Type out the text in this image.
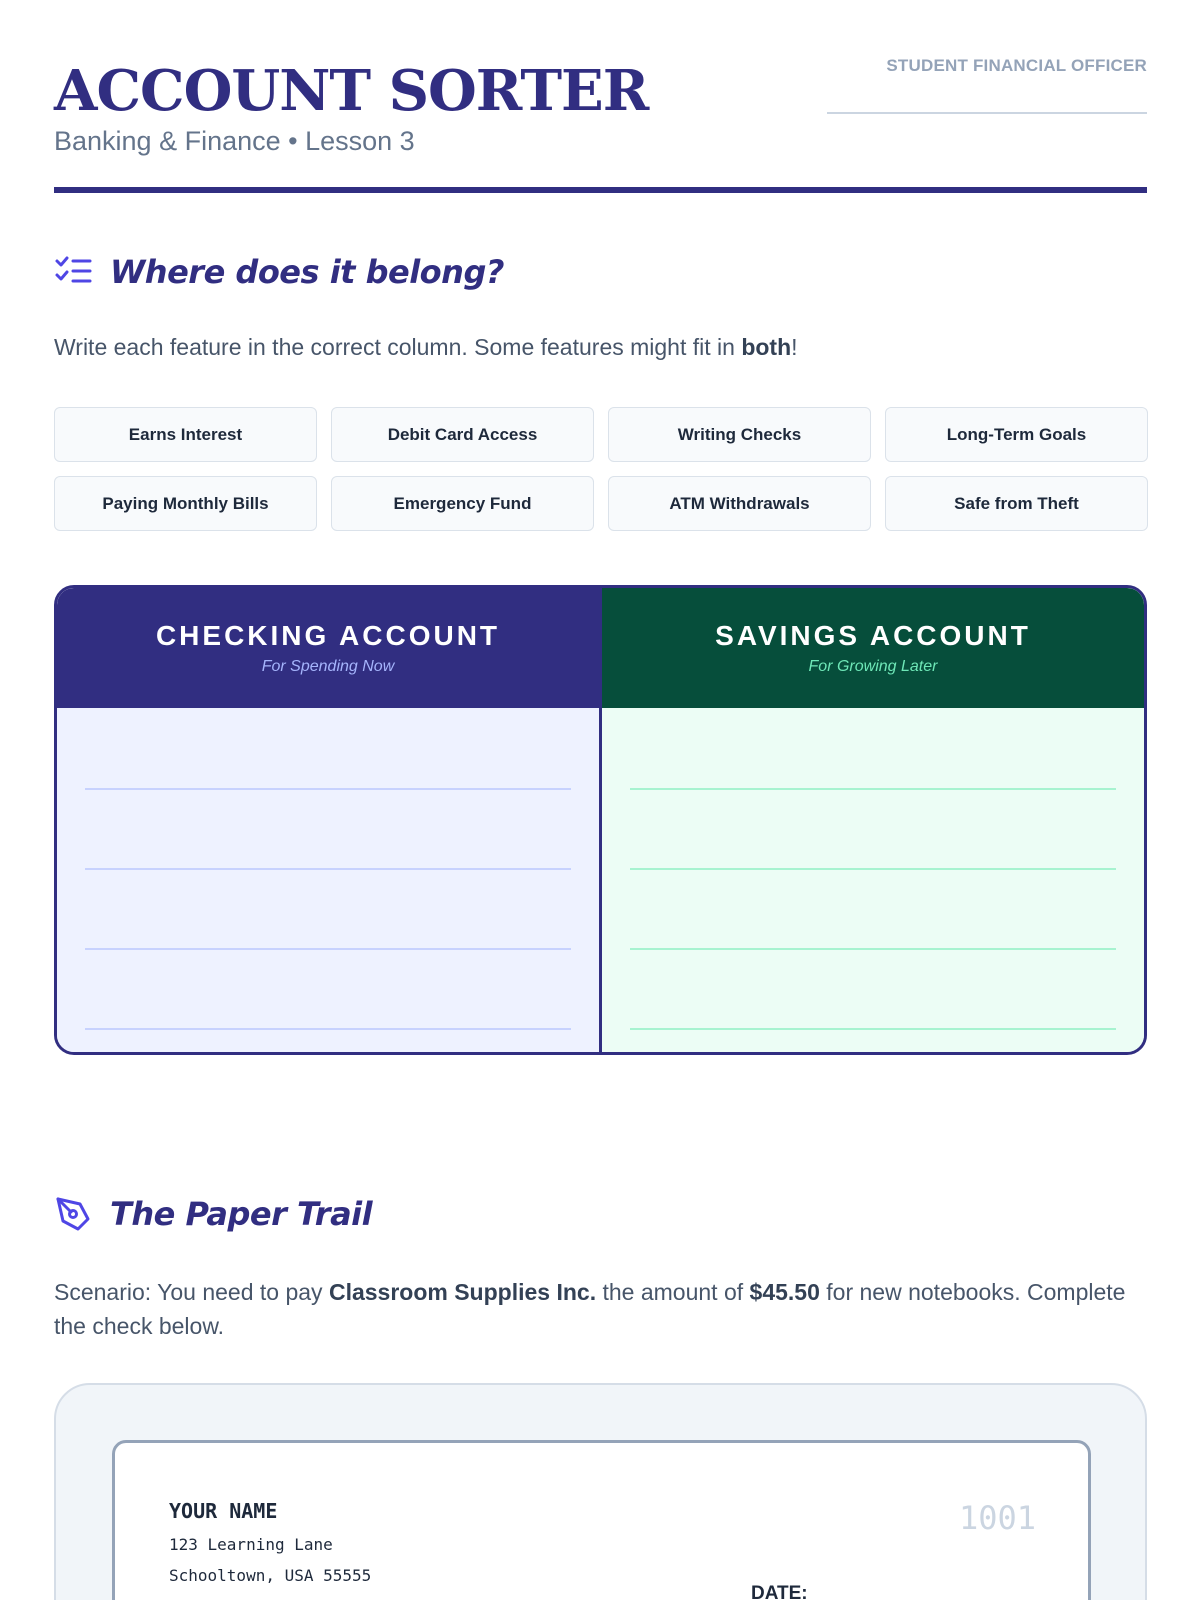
ACCOUNT SORTER
Banking & Finance • Lesson 3
STUDENT FINANCIAL OFFICER
Where does it belong?
Write each feature in the correct column. Some features might fit in both!
Earns Interest	Debit Card Access	Writing Checks	Long-Term Goals
Paying Monthly Bills	Emergency Fund	ATM Withdrawals	Safe from Theft
CHECKING ACCOUNT
For Spending Now
SAVINGS ACCOUNT
For Growing Later
The Paper Trail
Scenario: You need to pay Classroom Supplies Inc. the amount of $45.50 for new notebooks. Complete the check below.
YOUR NAME
123 Learning Lane
Schooltown, USA 55555
1001
DATE:
